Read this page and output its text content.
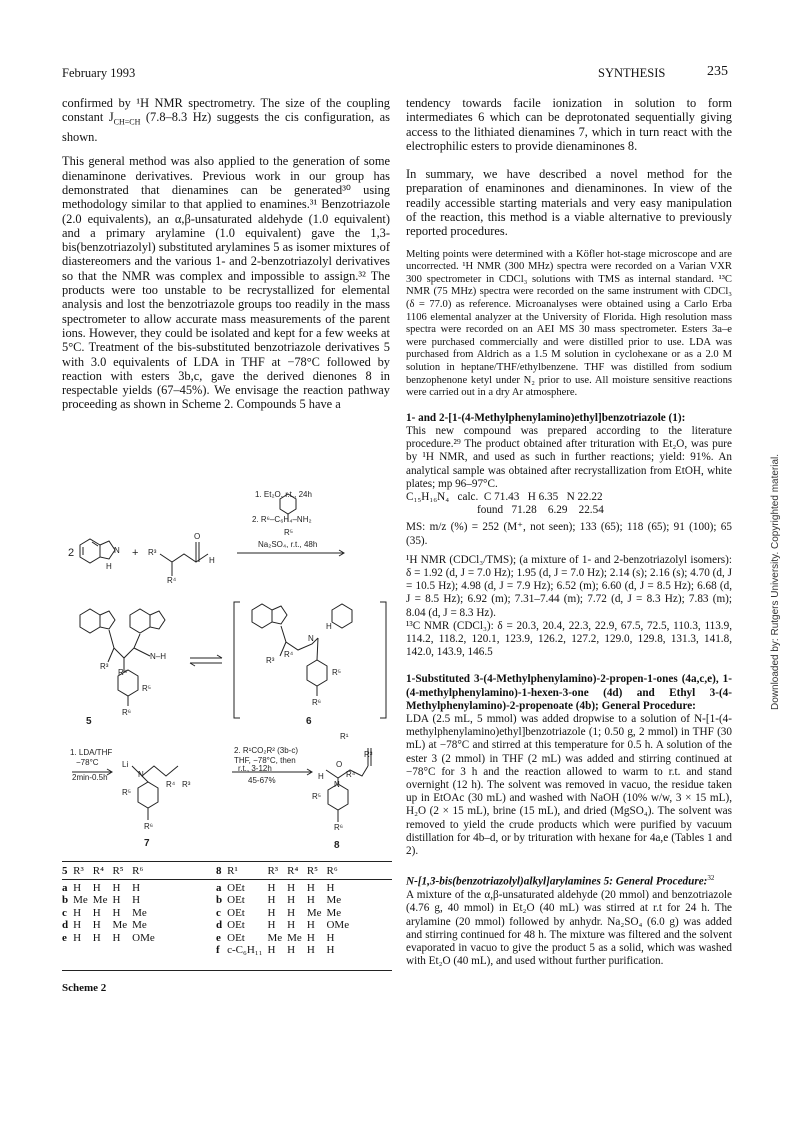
February 1993	SYNTHESIS	235

confirmed by ¹H NMR spectrometry. The size of the coupling constant $J_{CH=CH}$ (7.8–8.3 Hz) suggests the cis configuration, as shown.

This general method was also applied to the generation of some dienaminone derivatives. Previous work in our group has demonstrated that dienamines can be generated³⁰ using methodology similar to that applied to enamines.³¹ Benzotriazole (2.0 equivalents), an α,β-unsaturated aldehyde (1.0 equivalent) and a primary arylamine (1.0 equivalent) gave the 1,3-bis(benzotriazolyl) substituted arylamines 5 as isomer mixtures of diastereomers and the various 1- and 2-benzotriazolyl derivatives so that the NMR was complex and impossible to assign.³² The products were too unstable to be recrystallized for elemental analysis and lost the benzotriazole groups too readily in the mass spectrometer to allow accurate mass measurements of the parent ions. However, they could be isolated and kept for a few weeks at 5°C. Treatment of the bis-substituted benzotriazole derivatives 5 with 3.0 equivalents of LDA in THF at −78°C followed by reaction with esters 3b,c, gave the derived dienones 8 in respectable yields (67–45%). We envisage the reaction pathway proceeding as shown in Scheme 2. Compounds 5 have a

tendency towards facile ionization in solution to form intermediates 6 which can be deprotonated sequentially giving access to the lithiated dienamines 7, which in turn react with the electrophilic esters to provide dienaminones 8.

In summary, we have described a novel method for the preparation of enaminones and dienaminones. In view of the readily accessible starting materials and very easy manipulation of the reaction, this method is a viable alternative to previously reported procedures.

Melting points were determined with a Köfler hot-stage microscope and are uncorrected. ¹H NMR (300 MHz) spectra were recorded on a Varian VXR 300 spectrometer in CDCl₃ solutions with TMS as internal standard. ¹³C NMR (75 MHz) spectra were recorded on the same instrument with CDCl₃ (δ = 77.0) as reference. Microanalyses were obtained using a Carlo Erba 1106 elemental analyzer at the University of Florida. High resolution mass spectra were recorded on an AEI MS 30 mass spectrometer. Esters 3a–e were purchased commercially and were distilled prior to use. LDA was purchased from Aldrich as a 1.5 M solution in cyclohexane or as a 2.0 M solution in heptane/THF/ethylbenzene. THF was distilled from sodium benzophenone ketyl under N₂ prior to use. All moisture sensitive reactions were carried out in a dry Ar atmosphere.

1- and 2-[1-(4-Methylphenylamino)ethyl]benzotriazole (1):

This new compound was prepared according to the literature procedure.²⁹ The product obtained after trituration with Et₂O, was pure by ¹H NMR, and used as such in further reactions; yield: 91%. An analytical sample was obtained after recrystallization from EtOH, white plates; mp 96–97°C.

C₁₅H₁₆N₄   calc.  C 71.43   H 6.35   N 22.22
found   71.28    6.29    22.54

MS: m/z (%) = 252 (M⁺, not seen); 133 (65); 118 (65); 91 (100); 65 (35).

¹H NMR (CDCl₃/TMS); (a mixture of 1- and 2-benzotriazolyl isomers): δ = 1.92 (d, J = 7.0 Hz); 1.95 (d, J = 7.0 Hz); 2.14 (s); 2.16 (s); 4.70 (d, J = 10.5 Hz); 4.98 (d, J = 7.9 Hz); 6.52 (m); 6.60 (d, J = 8.5 Hz); 6.68 (d, J = 8.5 Hz); 6.92 (m); 7.31–7.44 (m); 7.72 (d, J = 8.3 Hz); 7.83 (m); 8.04 (d, J = 8.3 Hz).

¹³C NMR (CDCl₃): δ = 20.3, 20.4, 22.3, 22.9, 67.5, 72.5, 110.3, 113.9, 114.2, 118.2, 120.1, 123.9, 126.2, 127.2, 129.0, 129.8, 131.3, 141.8, 142.0, 143.9, 146.5

1-Substituted 3-(4-Methylphenylamino)-2-propen-1-ones (4a,c,e), 1-(4-methylphenylamino)-1-hexen-3-one (4d) and Ethyl 3-(4-Methylphenylamino)-2-propenoate (4b); General Procedure:

LDA (2.5 mL, 5 mmol) was added dropwise to a solution of N-[1-(4-methylphenylamino)ethyl]benzotriazole (1; 0.50 g, 2 mmol) in THF (30 mL) at −78°C and stirred at this temperature for 0.5 h. A solution of the ester 3 (2 mmol) in THF (2 mL) was added and stirring continued at −78°C for 3 h and the reaction allowed to warm to r.t. and stand overnight (12 h). The solvent was removed in vacuo, the residue taken up in EtOAc (30 mL) and washed with NaOH (10% w/w, 3 × 15 mL), H₂O (2 × 15 mL), brine (15 mL), and dried (MgSO₄). The solvent was removed to yield the crude products which were purified by vacuum distillation for 4b–d, or by trituration with hexane for 4a,e (Tables 1 and 2).

N-[1,3-bis(benzotriazolyl)alkyl]arylamines 5: General Procedure:$^{32}$

A mixture of the α,β-unsaturated aldehyde (20 mmol) and benzotriazole (4.76 g, 40 mmol) in Et₂O (40 mL) was stirred at r.t for 24 h. The arylamine (20 mmol) followed by anhydr. Na₂SO₄ (6.0 g) was added and stirring continued for 48 h. The mixture was filtered and the solvent evaporated in vacuo to give the product 5 as a solid, which was washed with Et₂O (40 mL), and used without further purification.

1. Et₂O, r.t., 24h
2. R⁶–C₆H₄–NH₂
R⁵
Na₂SO₄, r.t., 48h
2	N
H
+ R³
O
H
R⁴
N–H
R³
R⁴
R⁵
R⁶
5
N
H
R³
R⁴
R⁵
R⁶
6
R¹
R³
O
R⁴
1. LDA/THF
−78°C
2min-0.5h
Li
N
R⁵
R⁴ R³
R⁶
7
2. R¹CO₂R² (3b-c)
THF, −78°C, then
r.t., 3-12h
45-67%	H
N
R⁵
R⁶
8
5	R³	R⁴	R⁵	R⁶
a	H	H	H	H
b	Me	Me	H	H
c	H	H	H	Me
d	H	H	Me	Me
e	H	H	H	OMe
8	R¹	R³	R⁴	R⁵	R⁶
a	OEt	H	H	H	H
b	OEt	H	H	H	Me
c	OEt	H	H	Me	Me
d	OEt	H	H	H	OMe
e	OEt	Me	Me	H	H
f	c-C₆H₁₁	H	H	H	H
Scheme 2
Downloaded by: Rutgers University. Copyrighted material.
